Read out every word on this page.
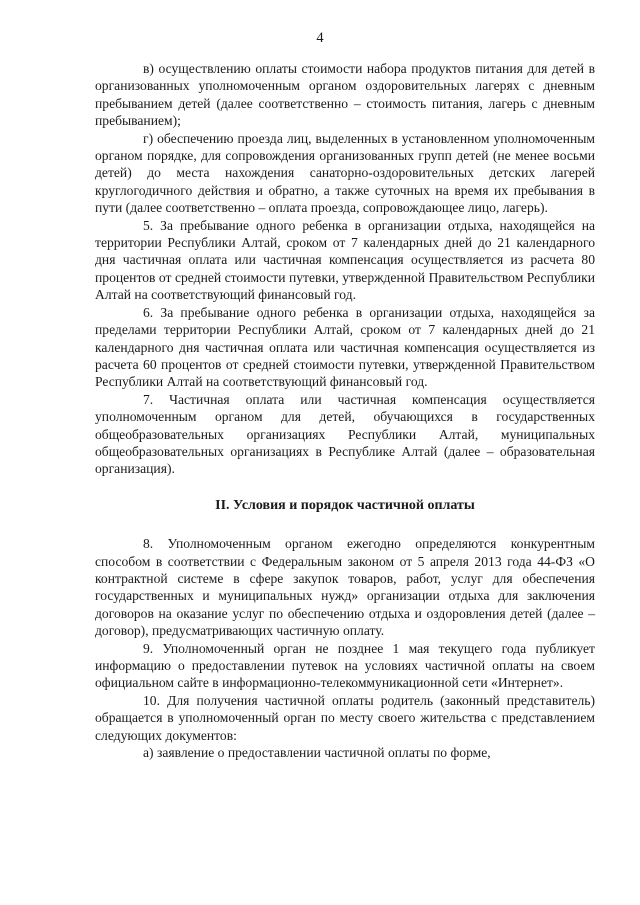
4

в) осуществлению оплаты стоимости набора продуктов питания для детей в организованных уполномоченным органом оздоровительных лагерях с дневным пребыванием детей (далее соответственно – стоимость питания, лагерь с дневным пребыванием);

г) обеспечению проезда лиц, выделенных в установленном уполномоченным органом порядке, для сопровождения организованных групп детей (не менее восьми детей) до места нахождения санаторно-оздоровительных детских лагерей круглогодичного действия и обратно, а также суточных на время их пребывания в пути (далее соответственно – оплата проезда, сопровождающее лицо, лагерь).

5. За пребывание одного ребенка в организации отдыха, находящейся на территории Республики Алтай, сроком от 7 календарных дней до 21 календарного дня частичная оплата или частичная компенсация осуществляется из расчета 80 процентов от средней стоимости путевки, утвержденной Правительством Республики Алтай на соответствующий финансовый год.

6. За пребывание одного ребенка в организации отдыха, находящейся за пределами территории Республики Алтай, сроком от 7 календарных дней до 21 календарного дня частичная оплата или частичная компенсация осуществляется из расчета 60 процентов от средней стоимости путевки, утвержденной Правительством Республики Алтай на соответствующий финансовый год.

7. Частичная оплата или частичная компенсация осуществляется уполномоченным органом для детей, обучающихся в государственных общеобразовательных организациях Республики Алтай, муниципальных общеобразовательных организациях в Республике Алтай (далее – образовательная организация).

II. Условия и порядок частичной оплаты

8. Уполномоченным органом ежегодно определяются конкурентным способом в соответствии с Федеральным законом от 5 апреля 2013 года 44-ФЗ «О контрактной системе в сфере закупок товаров, работ, услуг для обеспечения государственных и муниципальных нужд» организации отдыха для заключения договоров на оказание услуг по обеспечению отдыха и оздоровления детей (далее – договор), предусматривающих частичную оплату.

9. Уполномоченный орган не позднее 1 мая текущего года публикует информацию о предоставлении путевок на условиях частичной оплаты на своем официальном сайте в информационно-телекоммуникационной сети «Интернет».

10. Для получения частичной оплаты родитель (законный представитель) обращается в уполномоченный орган по месту своего жительства с представлением следующих документов:

а) заявление о предоставлении частичной оплаты по форме,
